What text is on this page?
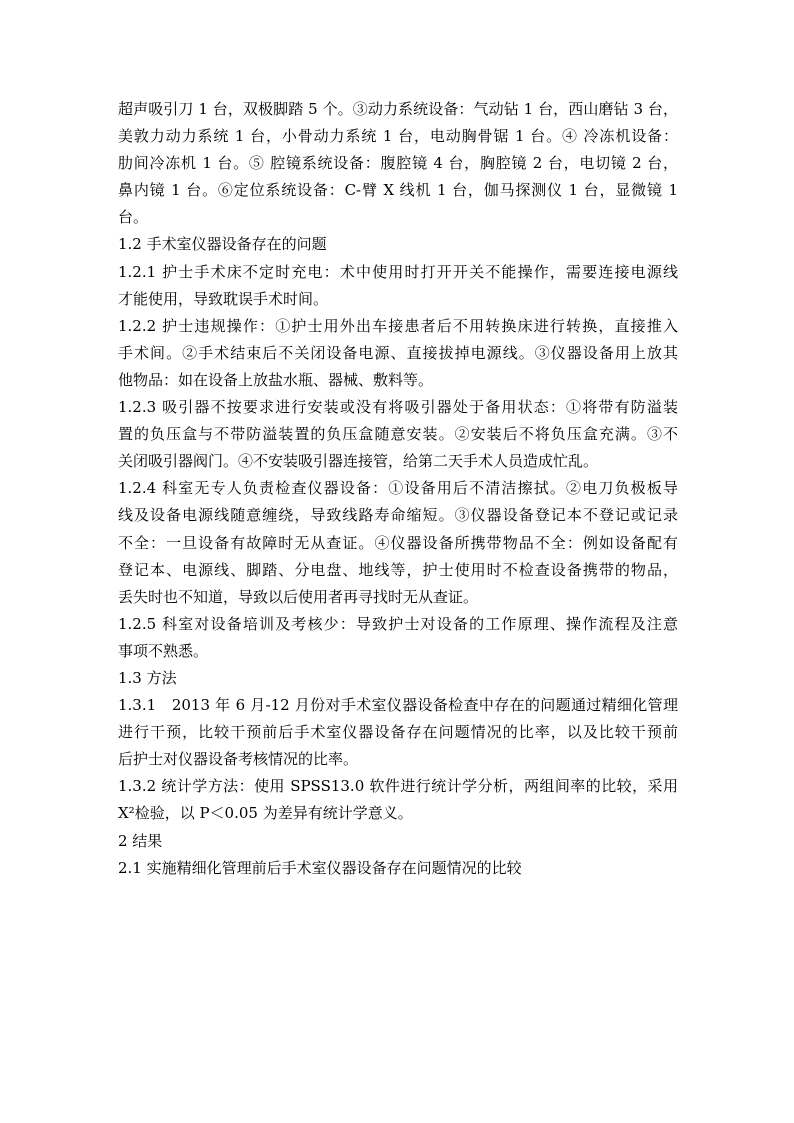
超声吸引刀 1 台，双极脚踏 5 个。③动力系统设备：气动钻 1 台，西山磨钻 3 台，
美敦力动力系统 1 台，小骨动力系统 1 台，电动胸骨锯 1 台。④ 冷冻机设备：
肋间冷冻机 1 台。⑤ 腔镜系统设备：腹腔镜 4 台，胸腔镜 2 台，电切镜 2 台，
鼻内镜 1 台。⑥定位系统设备：C-臂 X 线机 1 台，伽马探测仪 1 台，显微镜 1
台。
1.2 手术室仪器设备存在的问题
1.2.1 护士手术床不定时充电：术中使用时打开开关不能操作，需要连接电源线
才能使用，导致耽误手术时间。
1.2.2 护士违规操作：①护士用外出车接患者后不用转换床进行转换，直接推入
手术间。②手术结束后不关闭设备电源、直接拔掉电源线。③仪器设备用上放其
他物品：如在设备上放盐水瓶、器械、敷料等。
1.2.3 吸引器不按要求进行安装或没有将吸引器处于备用状态：①将带有防溢装
置的负压盒与不带防溢装置的负压盒随意安装。②安装后不将负压盒充满。③不
关闭吸引器阀门。④不安装吸引器连接管，给第二天手术人员造成忙乱。
1.2.4 科室无专人负责检查仪器设备：①设备用后不清洁擦拭。②电刀负极板导
线及设备电源线随意缠绕，导致线路寿命缩短。③仪器设备登记本不登记或记录
不全：一旦设备有故障时无从查证。④仪器设备所携带物品不全：例如设备配有
登记本、电源线、脚踏、分电盘、地线等，护士使用时不检查设备携带的物品，
丢失时也不知道，导致以后使用者再寻找时无从查证。
1.2.5 科室对设备培训及考核少：导致护士对设备的工作原理、操作流程及注意
事项不熟悉。
1.3 方法
1.3.1　2013 年 6 月-12 月份对手术室仪器设备检查中存在的问题通过精细化管理
进行干预，比较干预前后手术室仪器设备存在问题情况的比率，以及比较干预前
后护士对仪器设备考核情况的比率。
1.3.2 统计学方法：使用 SPSS13.0 软件进行统计学分析，两组间率的比较，采用
X²检验，以 P＜0.05 为差异有统计学意义。
2 结果
2.1 实施精细化管理前后手术室仪器设备存在问题情况的比较
